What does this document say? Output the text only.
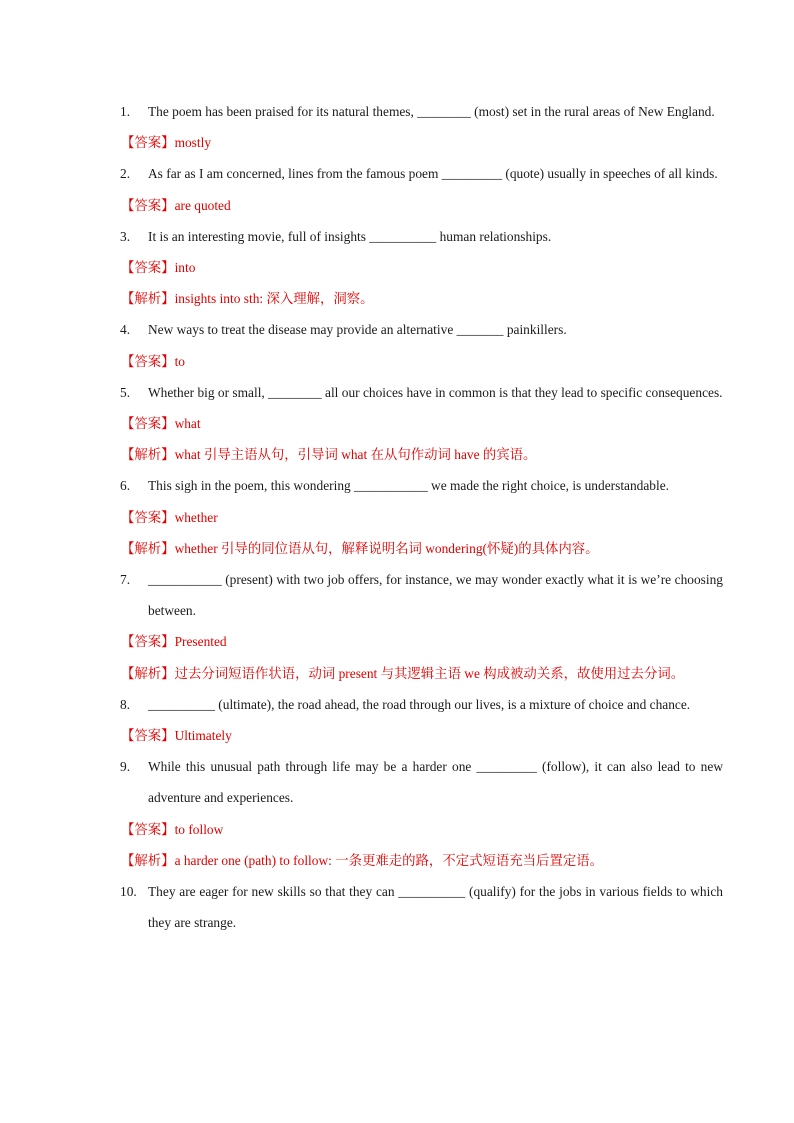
1. The poem has been praised for its natural themes, ________ (most) set in the rural areas of New England.
【答案】mostly
2. As far as I am concerned, lines from the famous poem _________ (quote) usually in speeches of all kinds.
【答案】are quoted
3. It is an interesting movie, full of insights __________ human relationships.
【答案】into
【解析】insights into sth: 深入理解，洞察。
4. New ways to treat the disease may provide an alternative _______ painkillers.
【答案】to
5. Whether big or small, ________ all our choices have in common is that they lead to specific consequences.
【答案】what
【解析】what 引导主语从句，引导词 what 在从句作动词 have 的宾语。
6. This sigh in the poem, this wondering ___________ we made the right choice, is understandable.
【答案】whether
【解析】whether 引导的同位语从句，解释说明名词 wondering(怀疑)的具体内容。
7. ___________ (present) with two job offers, for instance, we may wonder exactly what it is we’re choosing between.
【答案】Presented
【解析】过去分词短语作状语，动词 present 与其逻辑主语 we 构成被动关系，故使用过去分词。
8. __________ (ultimate), the road ahead, the road through our lives, is a mixture of choice and chance.
【答案】Ultimately
9. While this unusual path through life may be a harder one _________ (follow), it can also lead to new adventure and experiences.
【答案】to follow
【解析】a harder one (path) to follow: 一条更难走的路，不定式短语充当后置定语。
10. They are eager for new skills so that they can __________ (qualify) for the jobs in various fields to which they are strange.
